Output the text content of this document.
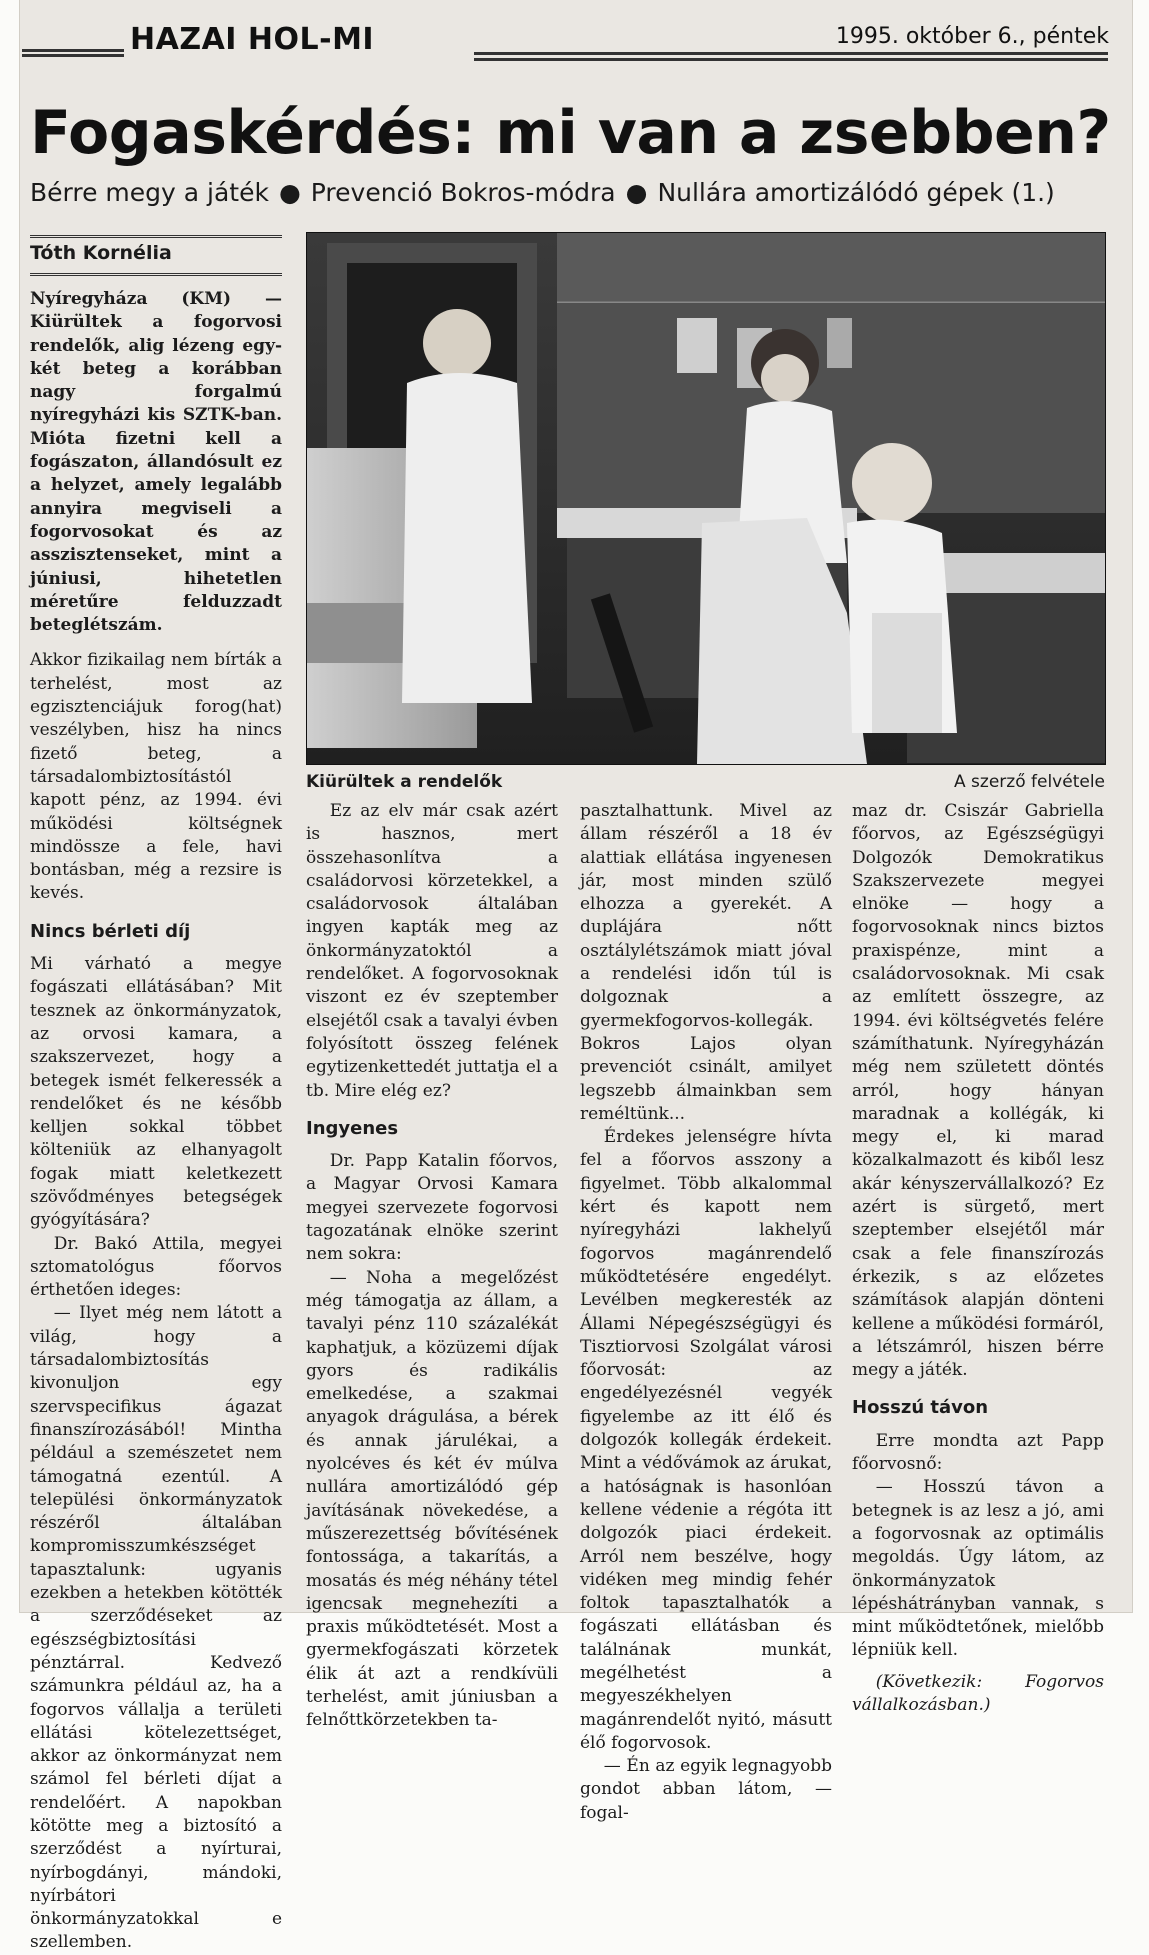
HAZAI HOL-MI	1995. október 6., péntek
Fogaskérdés: mi van a zsebben?
Bérre megy a játék ● Prevenció Bokros-módra ● Nullára amortizálódó gépek (1.)
Tóth Kornélia

Nyíregyháza (KM) — Kiürültek a fogorvosi rendelők, alig lézeng egy-két beteg a korábban nagy forgalmú nyíregyházi kis SZTK-ban. Mióta fizetni kell a fogászaton, állandósult ez a helyzet, amely legalább annyira megviseli a fogorvosokat és az asszisztenseket, mint a júniusi, hihetetlen méretűre felduzzadt beteglétszám.

Akkor fizikailag nem bírták a terhelést, most az egzisztenciájuk forog(hat) veszélyben, hisz ha nincs fizető beteg, a társadalombiztosítástól kapott pénz, az 1994. évi működési költségnek mindössze a fele, havi bontásban, még a rezsire is kevés.

Nincs bérleti díj

Mi várható a megye fogászati ellátásában? Mit tesznek az önkormányzatok, az orvosi kamara, a szakszervezet, hogy a betegek ismét felkeressék a rendelőket és ne később kelljen sokkal többet költeniük az elhanyagolt fogak miatt keletkezett szövődményes betegségek gyógyítására?

Dr. Bakó Attila, megyei sztomatológus főorvos érthetően ideges:

— Ilyet még nem látott a világ, hogy a társadalombiztosítás kivonuljon egy szervspecifikus ágazat finanszírozásából! Mintha például a szemészetet nem támogatná ezentúl. A települési önkormányzatok részéről általában kompromisszumkészséget tapasztalunk: ugyanis ezekben a hetekben kötötték a szerződéseket az egészségbiztosítási pénztárral. Kedvező számunkra például az, ha a fogorvos vállalja a területi ellátási kötelezettséget, akkor az önkormányzat nem számol fel bérleti díjat a rendelőért. A napokban kötötte meg a biztosító a szerződést a nyírturai, nyírbogdányi, mándoki, nyírbátori önkormányzatokkal e szellemben.

Kiürültek a rendelők	A szerző felvétele

Ez az elv már csak azért is hasznos, mert összehasonlítva a családorvosi körzetekkel, a családorvosok általában ingyen kapták meg az önkormányzatoktól a rendelőket. A fogorvosoknak viszont ez év szeptember elsejétől csak a tavalyi évben folyósított összeg felének egytizenkettedét juttatja el a tb. Mire elég ez?

Ingyenes

Dr. Papp Katalin főorvos, a Magyar Orvosi Kamara megyei szervezete fogorvosi tagozatának elnöke szerint nem sokra:

— Noha a megelőzést még támogatja az állam, a tavalyi pénz 110 százalékát kaphatjuk, a közüzemi díjak gyors és radikális emelkedése, a szakmai anyagok drágulása, a bérek és annak járulékai, a nyolcéves és két év múlva nullára amortizálódó gép javításának növekedése, a műszerezettség bővítésének fontossága, a takarítás, a mosatás és még néhány tétel igencsak megnehezíti a praxis működtetését. Most a gyermekfogászati körzetek élik át azt a rendkívüli terhelést, amit júniusban a felnőttkörzetekben ta-

pasztalhattunk. Mivel az állam részéről a 18 év alattiak ellátása ingyenesen jár, most minden szülő elhozza a gyerekét. A duplájára nőtt osztálylétszámok miatt jóval a rendelési időn túl is dolgoznak a gyermekfogorvos-kollegák. Bokros Lajos olyan prevenciót csinált, amilyet legszebb álmainkban sem reméltünk...

Érdekes jelenségre hívta fel a főorvos asszony a figyelmet. Több alkalommal kért és kapott nem nyíregyházi lakhelyű fogorvos magánrendelő működtetésére engedélyt. Levélben megkeresték az Állami Népegészségügyi és Tisztiorvosi Szolgálat városi főorvosát: az engedélyezésnél vegyék figyelembe az itt élő és dolgozók kollegák érdekeit. Mint a védővámok az árukat, a hatóságnak is hasonlóan kellene védenie a régóta itt dolgozók piaci érdekeit. Arról nem beszélve, hogy vidéken meg mindig fehér foltok tapasztalhatók a fogászati ellátásban és találnának munkát, megélhetést a megyeszékhelyen magánrendelőt nyitó, másutt élő fogorvosok.

— Én az egyik legnagyobb gondot abban látom, — fogal-

maz dr. Csiszár Gabriella főorvos, az Egészségügyi Dolgozók Demokratikus Szakszervezete megyei elnöke — hogy a fogorvosoknak nincs biztos praxispénze, mint a családorvosoknak. Mi csak az említett összegre, az 1994. évi költségvetés felére számíthatunk. Nyíregyházán még nem született döntés arról, hogy hányan maradnak a kollégák, ki megy el, ki marad közalkalmazott és kiből lesz akár kényszervállalkozó? Ez azért is sürgető, mert szeptember elsejétől már csak a fele finanszírozás érkezik, s az előzetes számítások alapján dönteni kellene a működési formáról, a létszámról, hiszen bérre megy a játék.

Hosszú távon

Erre mondta azt Papp főorvosnő:

— Hosszú távon a betegnek is az lesz a jó, ami a fogorvosnak az optimális megoldás. Úgy látom, az önkormányzatok lépéshátrányban vannak, s mint működtetőnek, mielőbb lépniük kell.

(Következik: Fogorvos vállalkozásban.)
